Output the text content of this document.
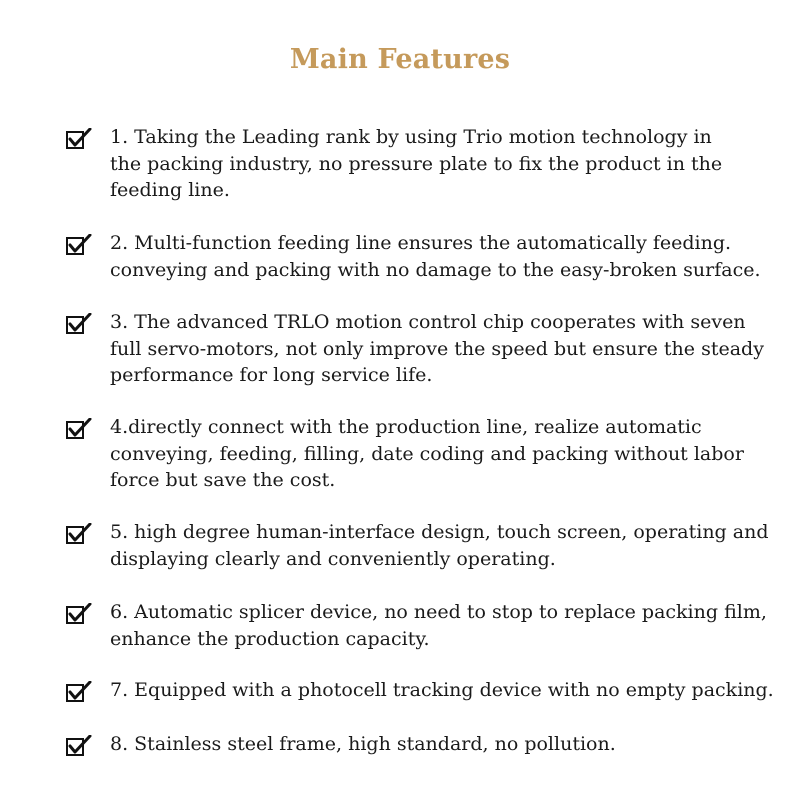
Main Features
1. Taking the Leading rank by using Trio motion technology in
the packing industry, no pressure plate to fix the product in the
feeding line.
2. Multi-function feeding line ensures the automatically feeding.
conveying and packing with no damage to the easy-broken surface.
3. The advanced TRLO motion control chip cooperates with seven
full servo-motors, not only improve the speed but ensure the steady
performance for long service life.
4.directly connect with the production line, realize automatic
conveying, feeding, filling, date coding and packing without labor
force but save the cost.
5. high degree human-interface design, touch screen, operating and
displaying clearly and conveniently operating.
6. Automatic splicer device, no need to stop to replace packing film,
enhance the production capacity.
7. Equipped with a photocell tracking device with no empty packing.
8. Stainless steel frame, high standard, no pollution.
